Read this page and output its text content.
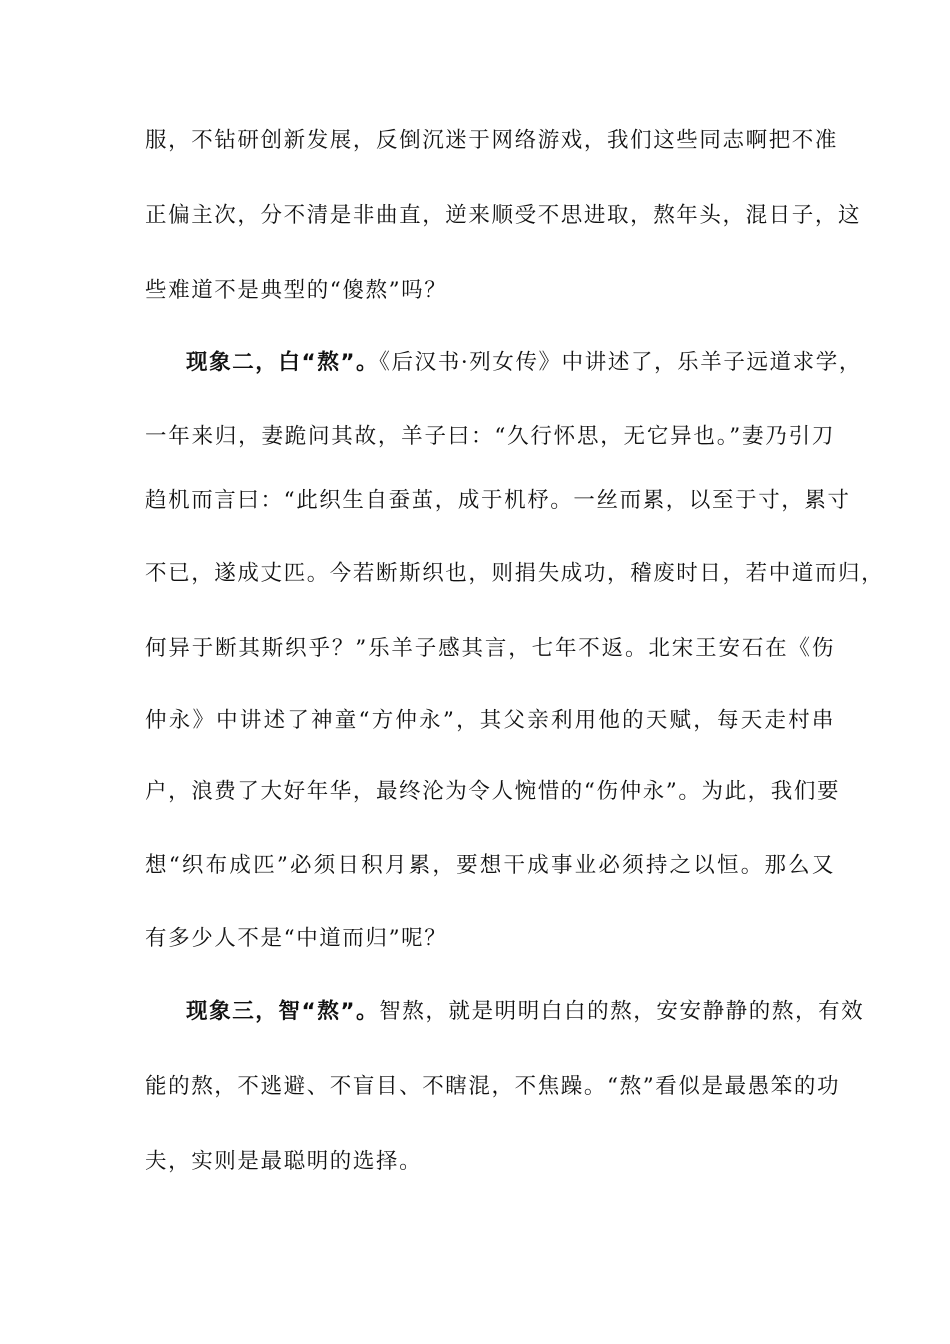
服，不钻研创新发展，反倒沉迷于网络游戏，我们这些同志啊把不准
正偏主次，分不清是非曲直，逆来顺受不思进取，熬年头，混日子，这
些难道不是典型的“傻熬”吗？
现象二，白“熬”。《后汉书·列女传》中讲述了，乐羊子远道求学，
一年来归，妻跪问其故，羊子曰：“久行怀思，无它异也。”妻乃引刀
趋机而言曰：“此织生自蚕茧，成于机杼。一丝而累，以至于寸，累寸
不已，遂成丈匹。今若断斯织也，则捐失成功，稽废时日，若中道而归，
何异于断其斯织乎？”乐羊子感其言，七年不返。北宋王安石在《伤
仲永》中讲述了神童“方仲永”，其父亲利用他的天赋，每天走村串
户，浪费了大好年华，最终沦为令人惋惜的“伤仲永”。为此，我们要
想“织布成匹”必须日积月累，要想干成事业必须持之以恒。那么又
有多少人不是“中道而归”呢？
现象三，智“熬”。智熬，就是明明白白的熬，安安静静的熬，有效
能的熬，不逃避、不盲目、不瞎混，不焦躁。“熬”看似是最愚笨的功
夫，实则是最聪明的选择。
